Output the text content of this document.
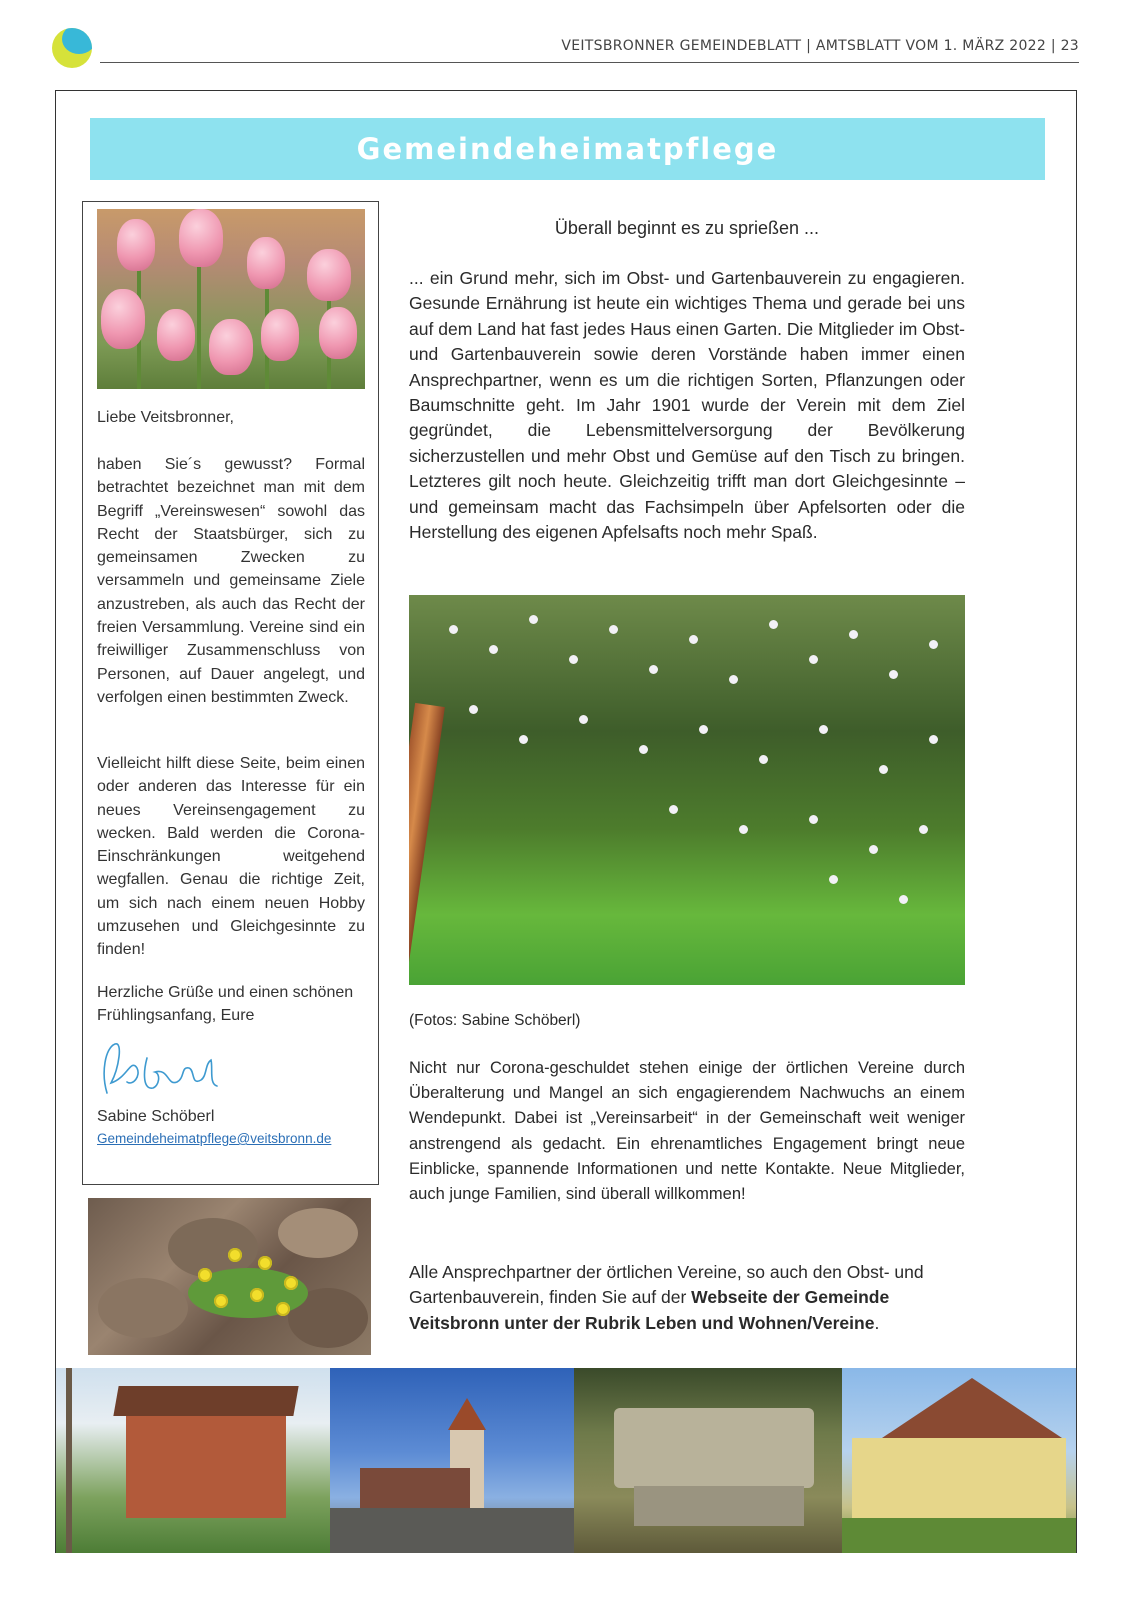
VEITSBRONNER GEMEINDEBLATT | AMTSBLATT VOM 1. MÄRZ 2022 | 23
Gemeindeheimatpflege

Liebe Veitsbronner,

haben Sie´s gewusst? Formal betrachtet bezeichnet man mit dem Begriff „Vereinswesen“ sowohl das Recht der Staatsbürger, sich zu gemeinsamen Zwecken zu versammeln und gemeinsame Ziele anzustreben, als auch das Recht der freien Versammlung. Vereine sind ein freiwilliger Zusammenschluss von Personen, auf Dauer angelegt, und verfolgen einen bestimmten Zweck.

Vielleicht hilft diese Seite, beim einen oder anderen das Interesse für ein neues Vereinsengagement zu wecken. Bald werden die Corona-Einschränkungen weitgehend wegfallen. Genau die richtige Zeit, um sich nach einem neuen Hobby umzusehen und Gleichgesinnte zu finden!

Herzliche Grüße und einen schönen Frühlingsanfang, Eure

Sabine Schöberl

Gemeindeheimatpflege@veitsbronn.de
Überall beginnt es zu sprießen ...

... ein Grund mehr, sich im Obst- und Gartenbauverein zu engagieren. Gesunde Ernährung ist heute ein wichtiges Thema und gerade bei uns auf dem Land hat fast jedes Haus einen Garten. Die Mitglieder im Obst- und Gartenbauverein sowie deren Vorstände haben immer einen Ansprechpartner, wenn es um die richtigen Sorten, Pflanzungen oder Baumschnitte geht. Im Jahr 1901 wurde der Verein mit dem Ziel gegründet, die Lebensmittelversorgung der Bevölkerung sicherzustellen und mehr Obst und Gemüse auf den Tisch zu bringen. Letzteres gilt noch heute. Gleichzeitig trifft man dort Gleichgesinnte – und gemeinsam macht das Fachsimpeln über Apfelsorten oder die Herstellung des eigenen Apfelsafts noch mehr Spaß.

(Fotos: Sabine Schöberl)

Nicht nur Corona-geschuldet stehen einige der örtlichen Vereine durch Überalterung und Mangel an sich engagierendem Nachwuchs an einem Wendepunkt. Dabei ist „Vereinsarbeit“ in der Gemeinschaft weit weniger anstrengend als gedacht. Ein ehrenamtliches Engagement bringt neue Einblicke, spannende Informationen und nette Kontakte. Neue Mitglieder, auch junge Familien, sind überall willkommen!

Alle Ansprechpartner der örtlichen Vereine, so auch den Obst- und Gartenbauverein, finden Sie auf der Webseite der Gemeinde Veitsbronn unter der Rubrik Leben und Wohnen/Vereine.
